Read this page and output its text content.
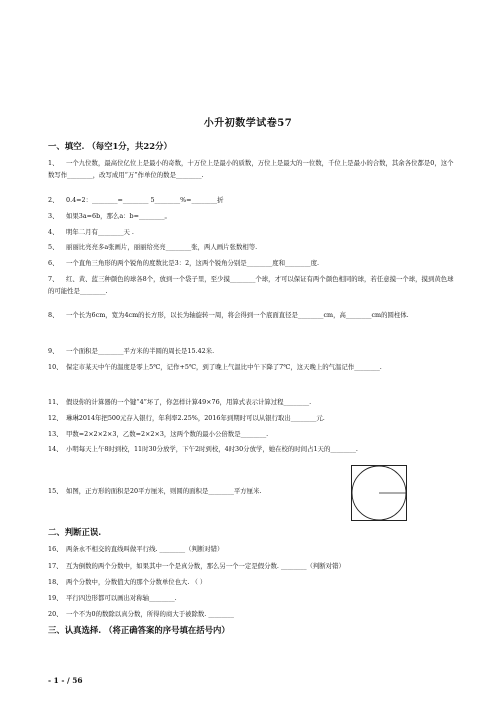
小升初数学试卷57
一、填空. （每空1分，共22分）
1、 一个九位数，最高位亿位上是最小的奇数，十万位上是最小的质数，万位上是最大的一位数，千位上是最小的合数，其余各位都是0，这个数写作________，改写成用“万”作单位的数是________.
2、 0.4=2：________=________ 5________%=________折
3、 如果3a=6b，那么a：b=________。
4、 明年二月有________天 .
5、 丽丽比亮亮多a张画片，丽丽给亮亮________张，两人画片张数相等.
6、 一个直角三角形的两个锐角的度数比是3：2，这两个锐角分别是________度和________度.
7、 红、黄、蓝三种颜色的球各8个，放到一个袋子里，至少摸________个球，才可以保证有两个颜色相同的球，若任意摸一个球，摸到黄色球的可能性是________.
8、 一个长为6cm，宽为4cm的长方形，以长为轴旋转一周，将会得到一个底面直径是________cm，高________cm的圆柱体.
9、 一个面积是________平方米的半圆的周长是15.42米.
10、 保定市某天中午的温度是零上5℃，记作+5℃，到了晚上气温比中午下降了7℃，这天晚上的气温记作________.
11、 假设你的计算器的一个键“4”坏了，你怎样计算49×76，用算式表示计算过程________.
12、 琳琳2014年把500元存入银行，年利率2.25%，2016年到期时可以从银行取出________元.
13、 甲数=2×2×2×3，乙数=2×2×3，这两个数的最小公倍数是________.
14、 小明每天上午8时到校，11时30分放学，下午2时到校，4时30分放学，她在校的时间占1天的________.
15、 如图，正方形的面积是20平方厘米，则圆的面积是________平方厘米.
二、判断正误.
16、 两条永不相交的直线叫做平行线. ________（判断对错）
17、 互为倒数的两个分数中，如果其中一个是真分数，那么另一个一定是假分数. ________（判断对错）
18、 两个分数中，分数值大的那个分数单位也大. （ ）
19、 平行四边形都可以画出对称轴________.
20、 一个不为0的数除以真分数，所得的商大于被除数. ________
三、认真选择. （将正确答案的序号填在括号内）
- 1 - / 56
